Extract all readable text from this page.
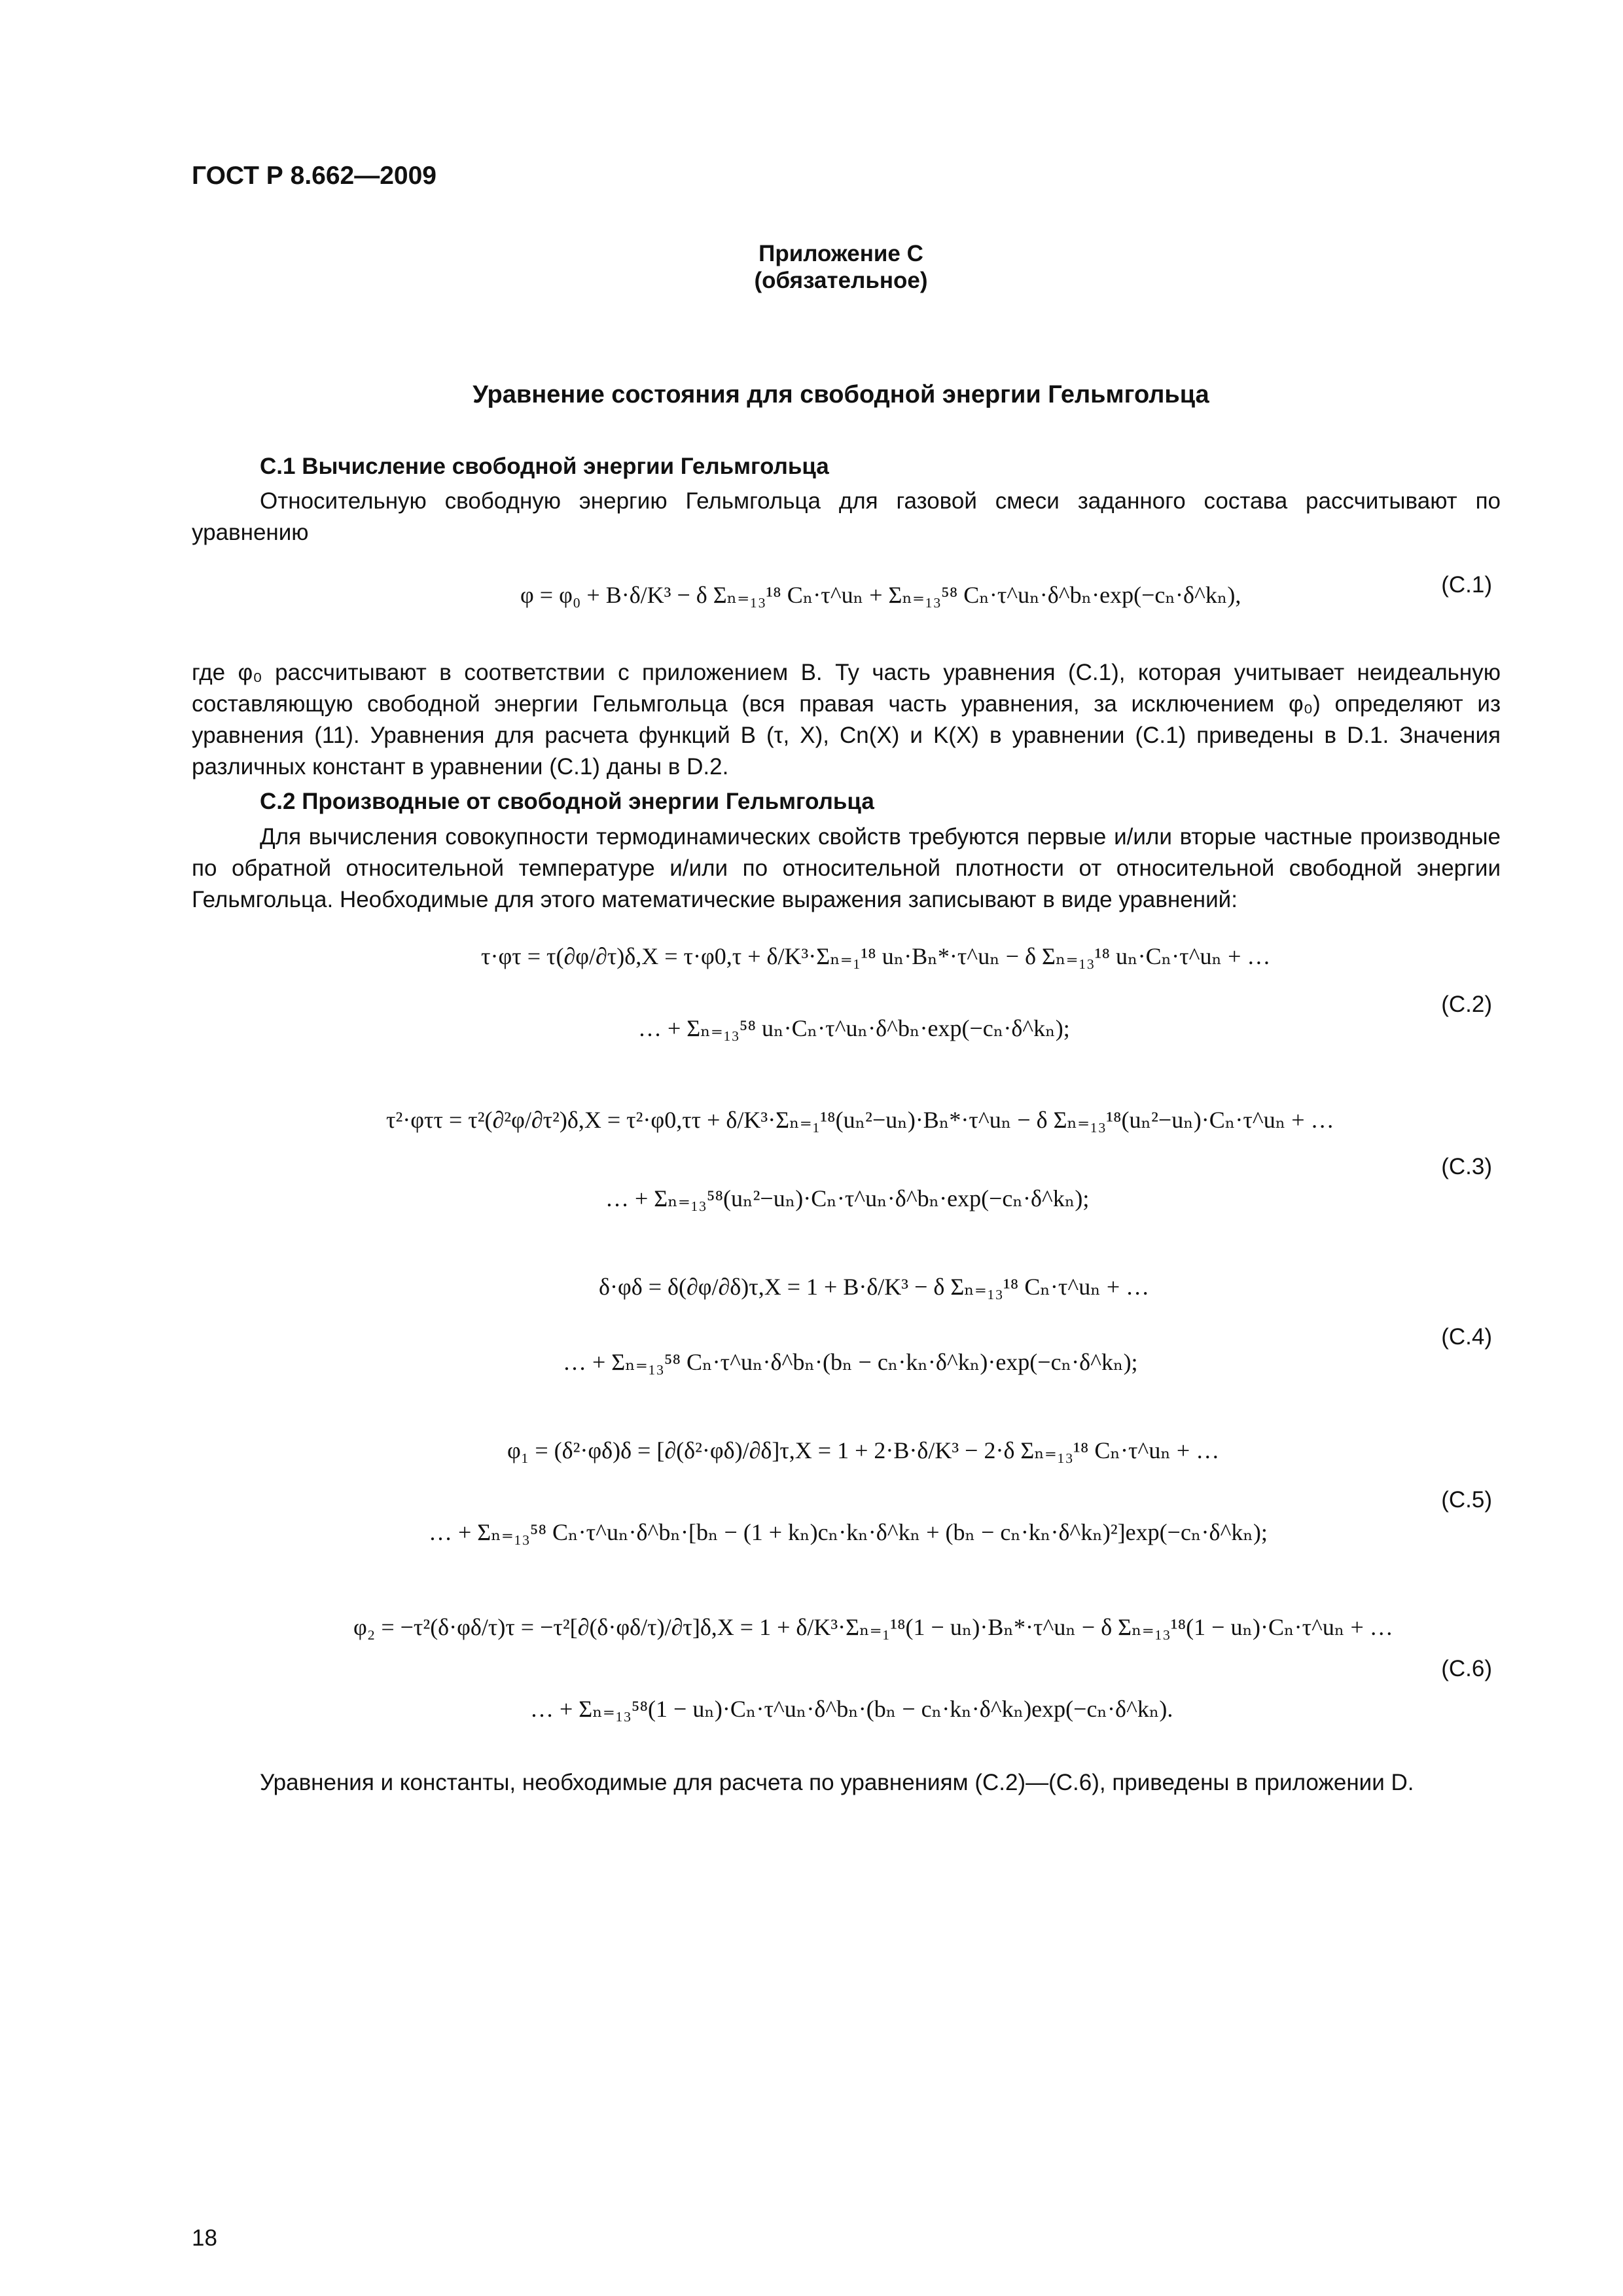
ГОСТ Р 8.662—2009
Приложение C
(обязательное)
Уравнение состояния для свободной энергии Гельмгольца
C.1 Вычисление свободной энергии Гельмгольца
Относительную свободную энергию Гельмгольца для газовой смеси заданного состава рассчитывают по уравнению
φ = φ₀ + B·δ/K³ − δ Σₙ₌₁₃¹⁸ Cₙ·τ^uₙ + Σₙ₌₁₃⁵⁸ Cₙ·τ^uₙ·δ^bₙ·exp(−cₙ·δ^kₙ),	(C.1)
где φ₀ рассчитывают в соответствии с приложением B. Ту часть уравнения (C.1), которая учитывает неидеальную составляющую свободной энергии Гельмгольца (вся правая часть уравнения, за исключением φ₀) определяют из уравнения (11). Уравнения для расчета функций B (τ, X), Cn(X) и K(X) в уравнении (C.1) приведены в D.1. Значения различных констант в уравнении (C.1) даны в D.2.
C.2 Производные от свободной энергии Гельмгольца
Для вычисления совокупности термодинамических свойств требуются первые и/или вторые частные производные по обратной относительной температуре и/или по относительной плотности от относительной свободной энергии Гельмгольца. Необходимые для этого математические выражения записывают в виде уравнений:
τ·φτ = τ(∂φ/∂τ)δ,X = τ·φ0,τ + δ/K³·Σₙ₌₁¹⁸ uₙ·Bₙ*·τ^uₙ − δ Σₙ₌₁₃¹⁸ uₙ·Cₙ·τ^uₙ + …
… + Σₙ₌₁₃⁵⁸ uₙ·Cₙ·τ^uₙ·δ^bₙ·exp(−cₙ·δ^kₙ);
(C.2)
τ²·φττ = τ²(∂²φ/∂τ²)δ,X = τ²·φ0,ττ + δ/K³·Σₙ₌₁¹⁸(uₙ²−uₙ)·Bₙ*·τ^uₙ − δ Σₙ₌₁₃¹⁸(uₙ²−uₙ)·Cₙ·τ^uₙ + …
… + Σₙ₌₁₃⁵⁸(uₙ²−uₙ)·Cₙ·τ^uₙ·δ^bₙ·exp(−cₙ·δ^kₙ);
(C.3)
δ·φδ = δ(∂φ/∂δ)τ,X = 1 + B·δ/K³ − δ Σₙ₌₁₃¹⁸ Cₙ·τ^uₙ + …
… + Σₙ₌₁₃⁵⁸ Cₙ·τ^uₙ·δ^bₙ·(bₙ − cₙ·kₙ·δ^kₙ)·exp(−cₙ·δ^kₙ);
(C.4)
φ₁ = (δ²·φδ)δ = [∂(δ²·φδ)/∂δ]τ,X = 1 + 2·B·δ/K³ − 2·δ Σₙ₌₁₃¹⁸ Cₙ·τ^uₙ + …
… + Σₙ₌₁₃⁵⁸ Cₙ·τ^uₙ·δ^bₙ·[bₙ − (1 + kₙ)cₙ·kₙ·δ^kₙ + (bₙ − cₙ·kₙ·δ^kₙ)²]exp(−cₙ·δ^kₙ);
(C.5)
φ₂ = −τ²(δ·φδ/τ)τ = −τ²[∂(δ·φδ/τ)/∂τ]δ,X = 1 + δ/K³·Σₙ₌₁¹⁸(1 − uₙ)·Bₙ*·τ^uₙ − δ Σₙ₌₁₃¹⁸(1 − uₙ)·Cₙ·τ^uₙ + …
… + Σₙ₌₁₃⁵⁸(1 − uₙ)·Cₙ·τ^uₙ·δ^bₙ·(bₙ − cₙ·kₙ·δ^kₙ)exp(−cₙ·δ^kₙ).
(C.6)
Уравнения и константы, необходимые для расчета по уравнениям (C.2)—(C.6), приведены в приложении D.
18
